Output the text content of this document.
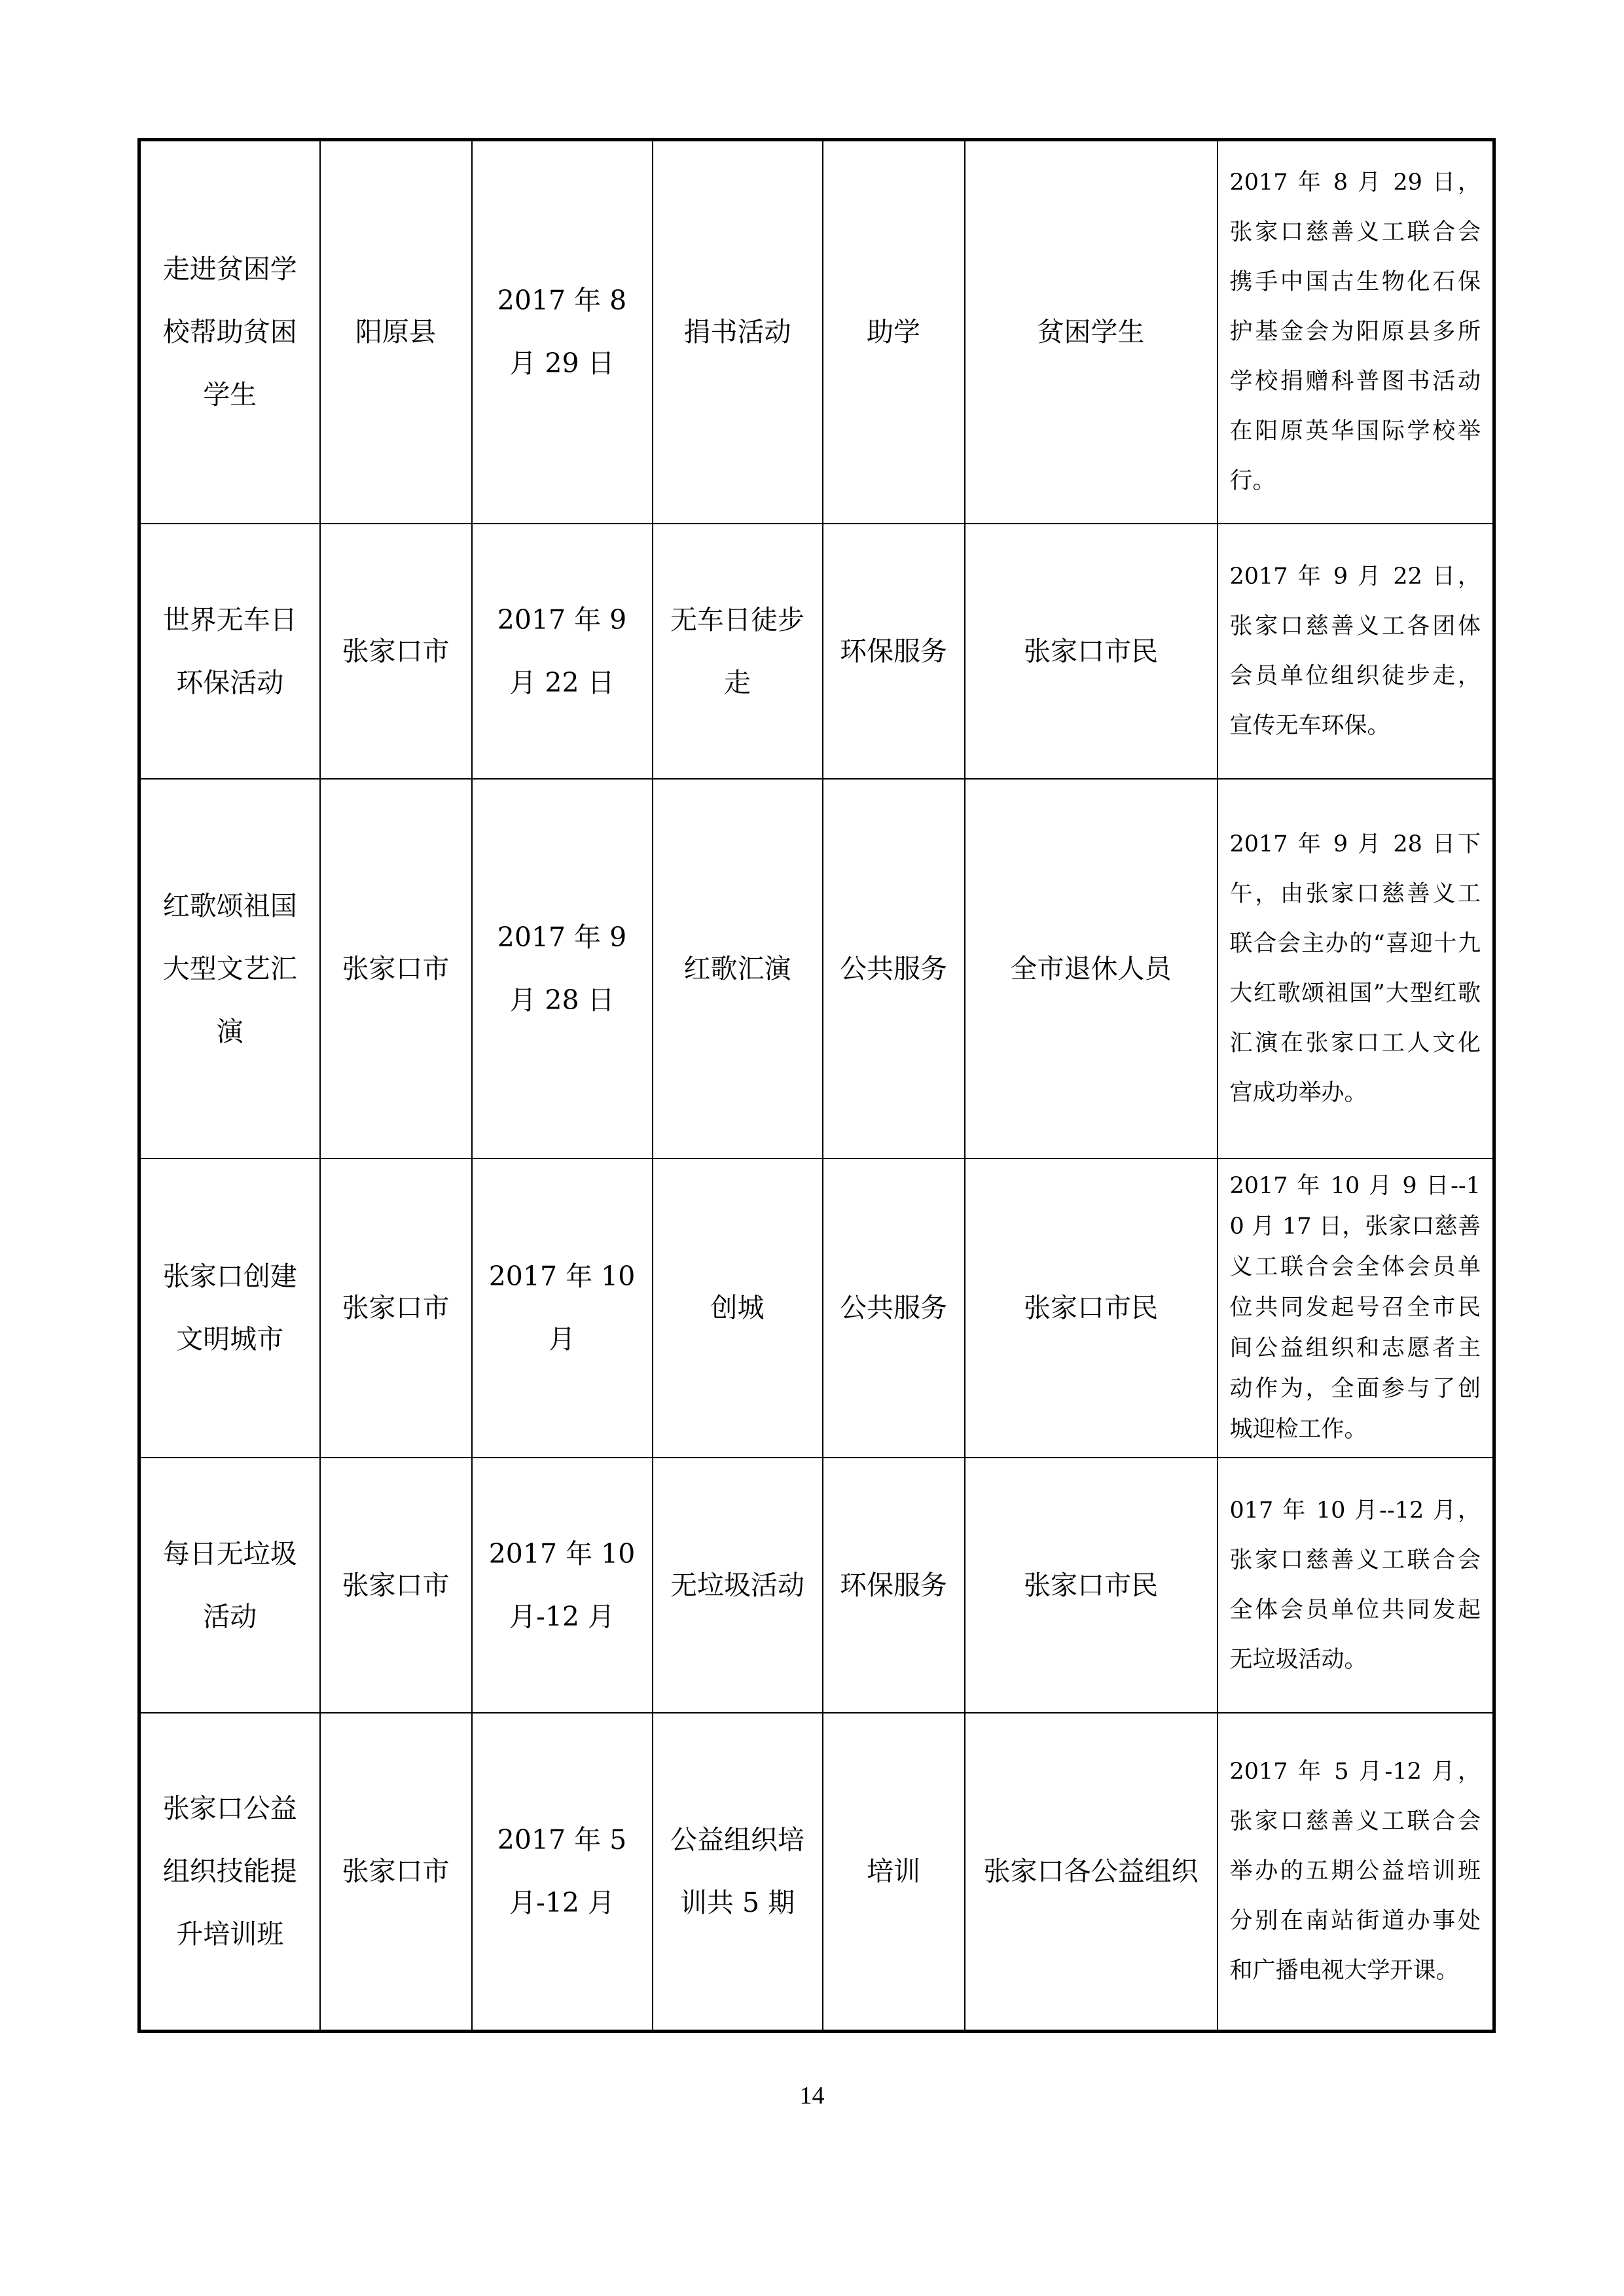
走进贫困学校帮助贫困学生	阳原县	2017 年 8 月 29 日	捐书活动	助学	贫困学生	2017 年 8 月 29 日，张家口慈善义工联合会携手中国古生物化石保护基金会为阳原县多所学校捐赠科普图书活动在阳原英华国际学校举行。
世界无车日环保活动	张家口市	2017 年 9 月 22 日	无车日徒步走	环保服务	张家口市民	2017 年 9 月 22 日，张家口慈善义工各团体会员单位组织徒步走，宣传无车环保。
红歌颂祖国大型文艺汇演	张家口市	2017 年 9 月 28 日	红歌汇演	公共服务	全市退休人员	2017 年 9 月 28 日下午，由张家口慈善义工联合会主办的“喜迎十九大红歌颂祖国”大型红歌汇演在张家口工人文化宫成功举办。
张家口创建文明城市	张家口市	2017 年 10 月	创城	公共服务	张家口市民	2017 年 10 月 9 日--10 月 17 日，张家口慈善义工联合会全体会员单位共同发起号召全市民间公益组织和志愿者主动作为，全面参与了创城迎检工作。
每日无垃圾活动	张家口市	2017 年 10 月-12 月	无垃圾活动	环保服务	张家口市民	017 年 10 月--12 月，张家口慈善义工联合会全体会员单位共同发起无垃圾活动。
张家口公益组织技能提升培训班	张家口市	2017 年 5 月-12 月	公益组织培训共 5 期	培训	张家口各公益组织	2017 年 5 月-12 月，张家口慈善义工联合会举办的五期公益培训班分别在南站街道办事处和广播电视大学开课。
14
